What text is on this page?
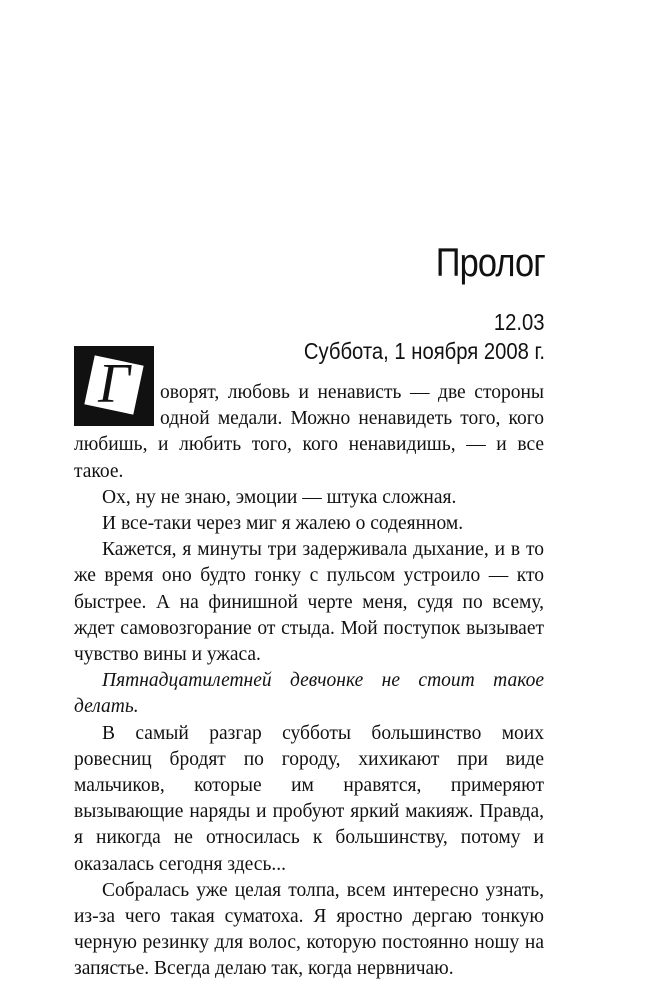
Пролог
12.03
Суббота, 1 ноября 2008 г.

Г	оворят, любовь и ненависть — две стороны одной медали. Можно ненавидеть того, кого любишь, и любить того, кого ненавидишь, — и все такое.

Ох, ну не знаю, эмоции — штука сложная.

И все-таки через миг я жалею о содеянном.

Кажется, я минуты три задерживала дыхание, и в то же время оно будто гонку с пульсом устроило — кто быстрее. А на финишной черте меня, судя по всему, ждет самовозгорание от стыда. Мой поступок вызывает чувство вины и ужаса.

Пятнадцатилетней девчонке не стоит такое делать.

В самый разгар субботы большинство моих ровесниц бродят по городу, хихикают при виде мальчиков, которые им нравятся, примеряют вызывающие наряды и пробуют яркий макияж. Правда, я никогда не относилась к большинству, потому и оказалась сегодня здесь...

Собралась уже целая толпа, всем интересно узнать, из-за чего такая суматоха. Я яростно дергаю тонкую черную резинку для волос, которую постоянно ношу на запястье. Всегда делаю так, когда нервничаю.
